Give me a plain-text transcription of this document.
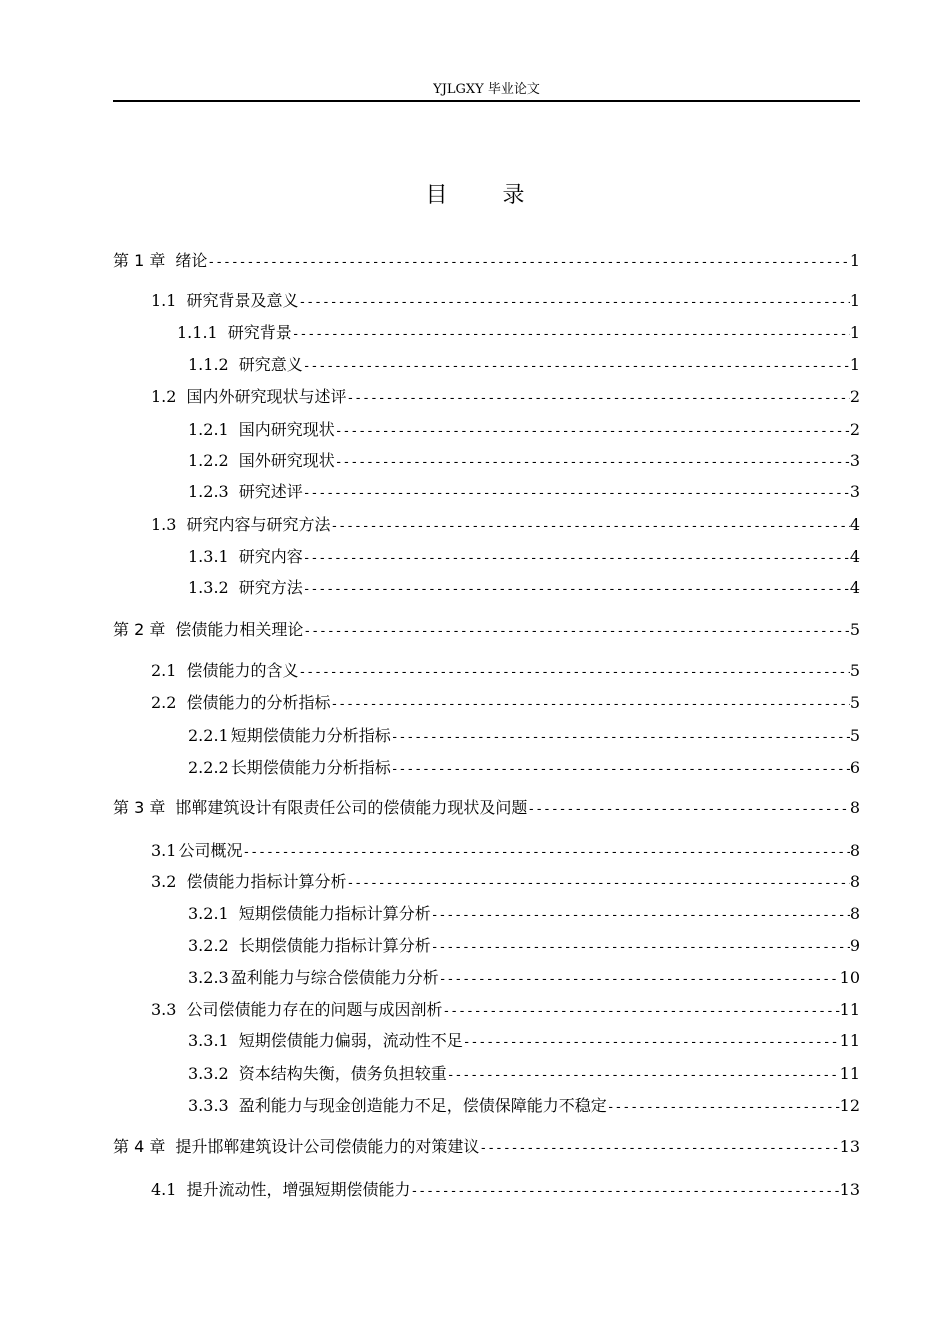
YJLGXY 毕业论文
目 录
第 1 章 绪论 -----	1
1.1 研究背景及意义 -----	1
1.1.1 研究背景 -----	1
1.1.2 研究意义 -----	1
1.2 国内外研究现状与述评 -----	2
1.2.1 国内研究现状 -----	2
1.2.2 国外研究现状 -----	3
1.2.3 研究述评 -----	3
1.3 研究内容与研究方法 -----	4
1.3.1 研究内容 -----	4
1.3.2 研究方法 -----	4
第 2 章 偿债能力相关理论 -----	5
2.1 偿债能力的含义 -----	5
2.2 偿债能力的分析指标 -----	5
2.2.1 短期偿债能力分析指标 -----	5
2.2.2 长期偿债能力分析指标 -----	6
第 3 章 邯郸建筑设计有限责任公司的偿债能力现状及问题 -----	8
3.1 公司概况 -----	8
3.2 偿债能力指标计算分析 -----	8
3.2.1 短期偿债能力指标计算分析 -----	8
3.2.2 长期偿债能力指标计算分析 -----	9
3.2.3 盈利能力与综合偿债能力分析 -----	10
3.3 公司偿债能力存在的问题与成因剖析 -----	11
3.3.1 短期偿债能力偏弱，流动性不足 -----	11
3.3.2 资本结构失衡，债务负担较重 -----	11
3.3.3 盈利能力与现金创造能力不足，偿债保障能力不稳定 -----	12
第 4 章 提升邯郸建筑设计公司偿债能力的对策建议 -----	13
4.1 提升流动性，增强短期偿债能力 -----	13
